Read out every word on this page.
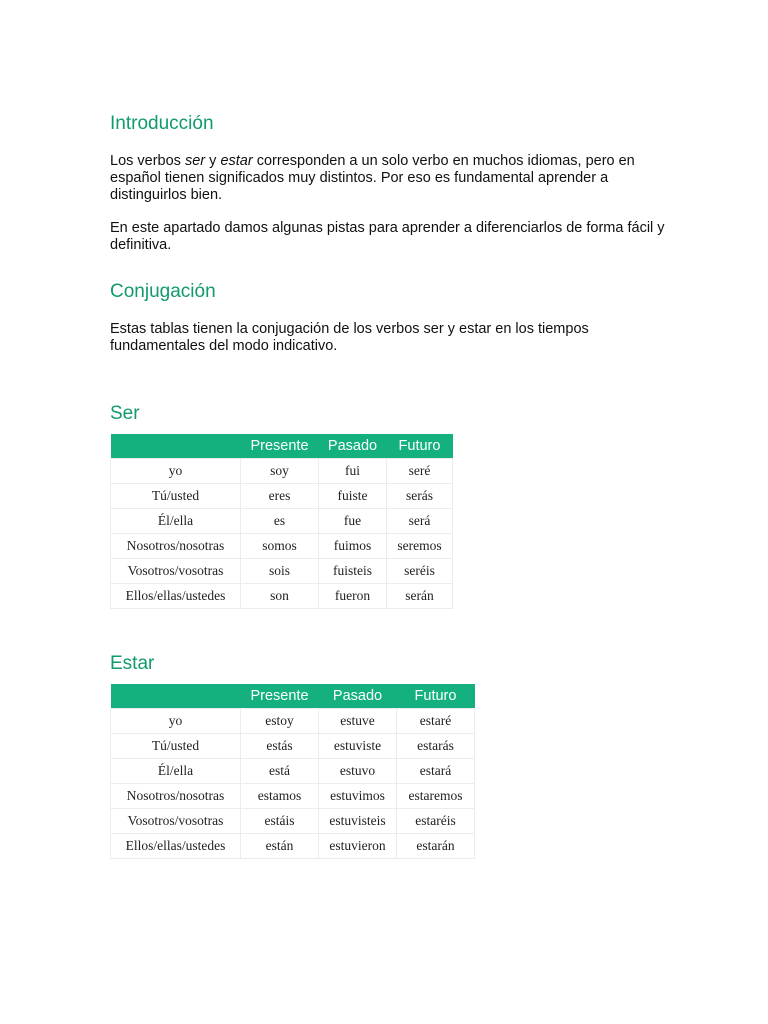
Introducción

Los verbos ser y estar corresponden a un solo verbo en muchos idiomas, pero en español tienen significados muy distintos. Por eso es fundamental aprender a distinguirlos bien.

En este apartado damos algunas pistas para aprender a diferenciarlos de forma fácil y definitiva.

Conjugación

Estas tablas tienen la conjugación de los verbos ser y estar en los tiempos fundamentales del modo indicativo.

Ser
	Presente	Pasado	Futuro
yo	soy	fui	seré
Tú/usted	eres	fuiste	serás
Él/ella	es	fue	será
Nosotros/nosotras	somos	fuimos	seremos
Vosotros/vosotras	sois	fuisteis	seréis
Ellos/ellas/ustedes	son	fueron	serán
Estar
	Presente	Pasado	Futuro
yo	estoy	estuve	estaré
Tú/usted	estás	estuviste	estarás
Él/ella	está	estuvo	estará
Nosotros/nosotras	estamos	estuvimos	estaremos
Vosotros/vosotras	estáis	estuvisteis	estaréis
Ellos/ellas/ustedes	están	estuvieron	estarán
